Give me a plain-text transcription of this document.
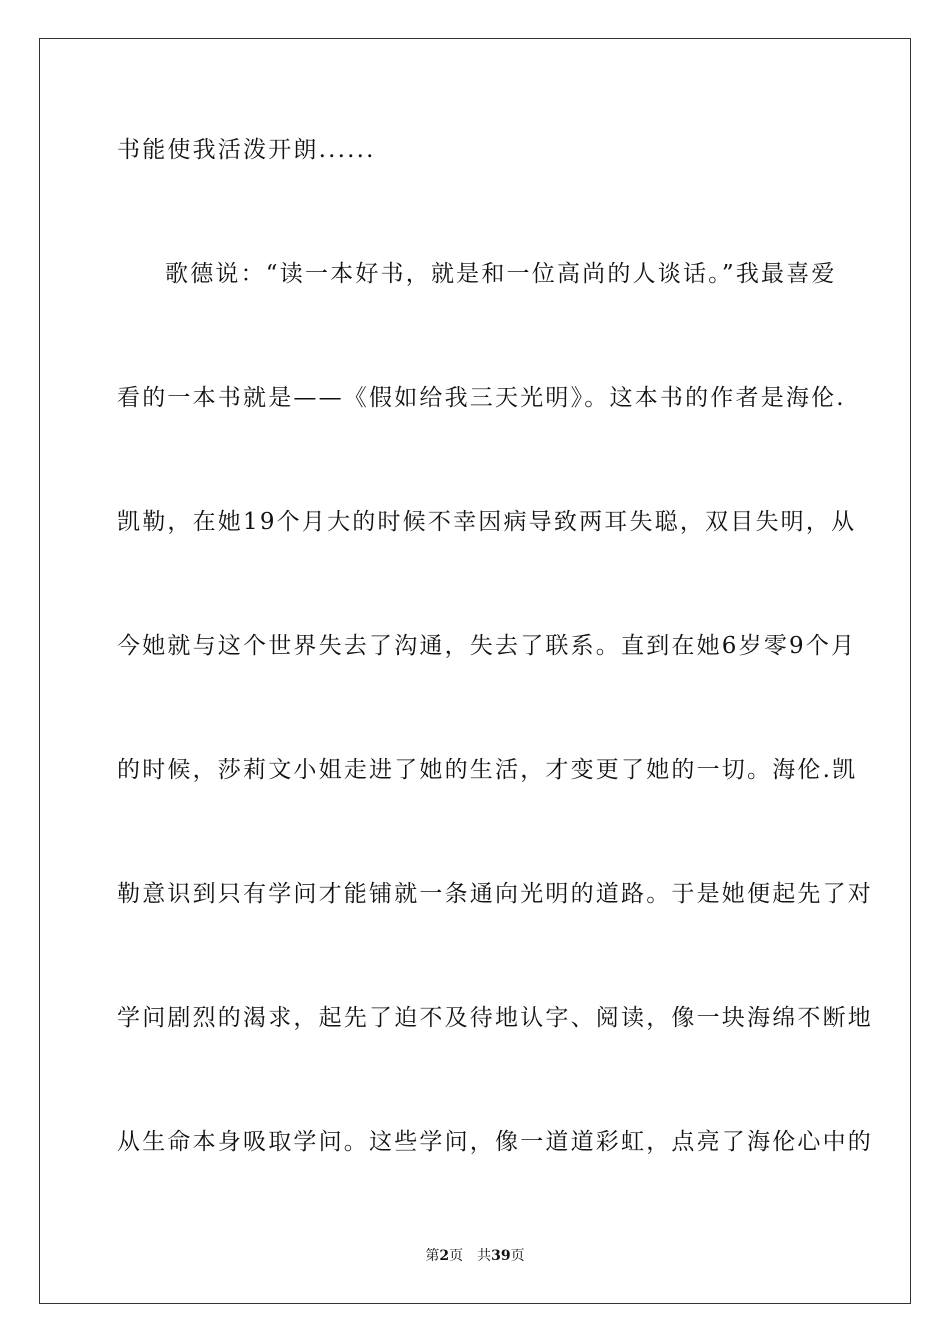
书能使我活泼开朗......
歌德说：“读一本好书，就是和一位高尚的人谈话。”我最喜爱
看的一本书就是——《假如给我三天光明》。这本书的作者是海伦.
凯勒，在她19个月大的时候不幸因病导致两耳失聪，双目失明，从
今她就与这个世界失去了沟通，失去了联系。直到在她6岁零9个月
的时候，莎莉文小姐走进了她的生活，才变更了她的一切。海伦.凯
勒意识到只有学问才能铺就一条通向光明的道路。于是她便起先了对
学问剧烈的渴求，起先了迫不及待地认字、阅读，像一块海绵不断地
从生命本身吸取学问。这些学问，像一道道彩虹，点亮了海伦心中的
第2页 共39页
